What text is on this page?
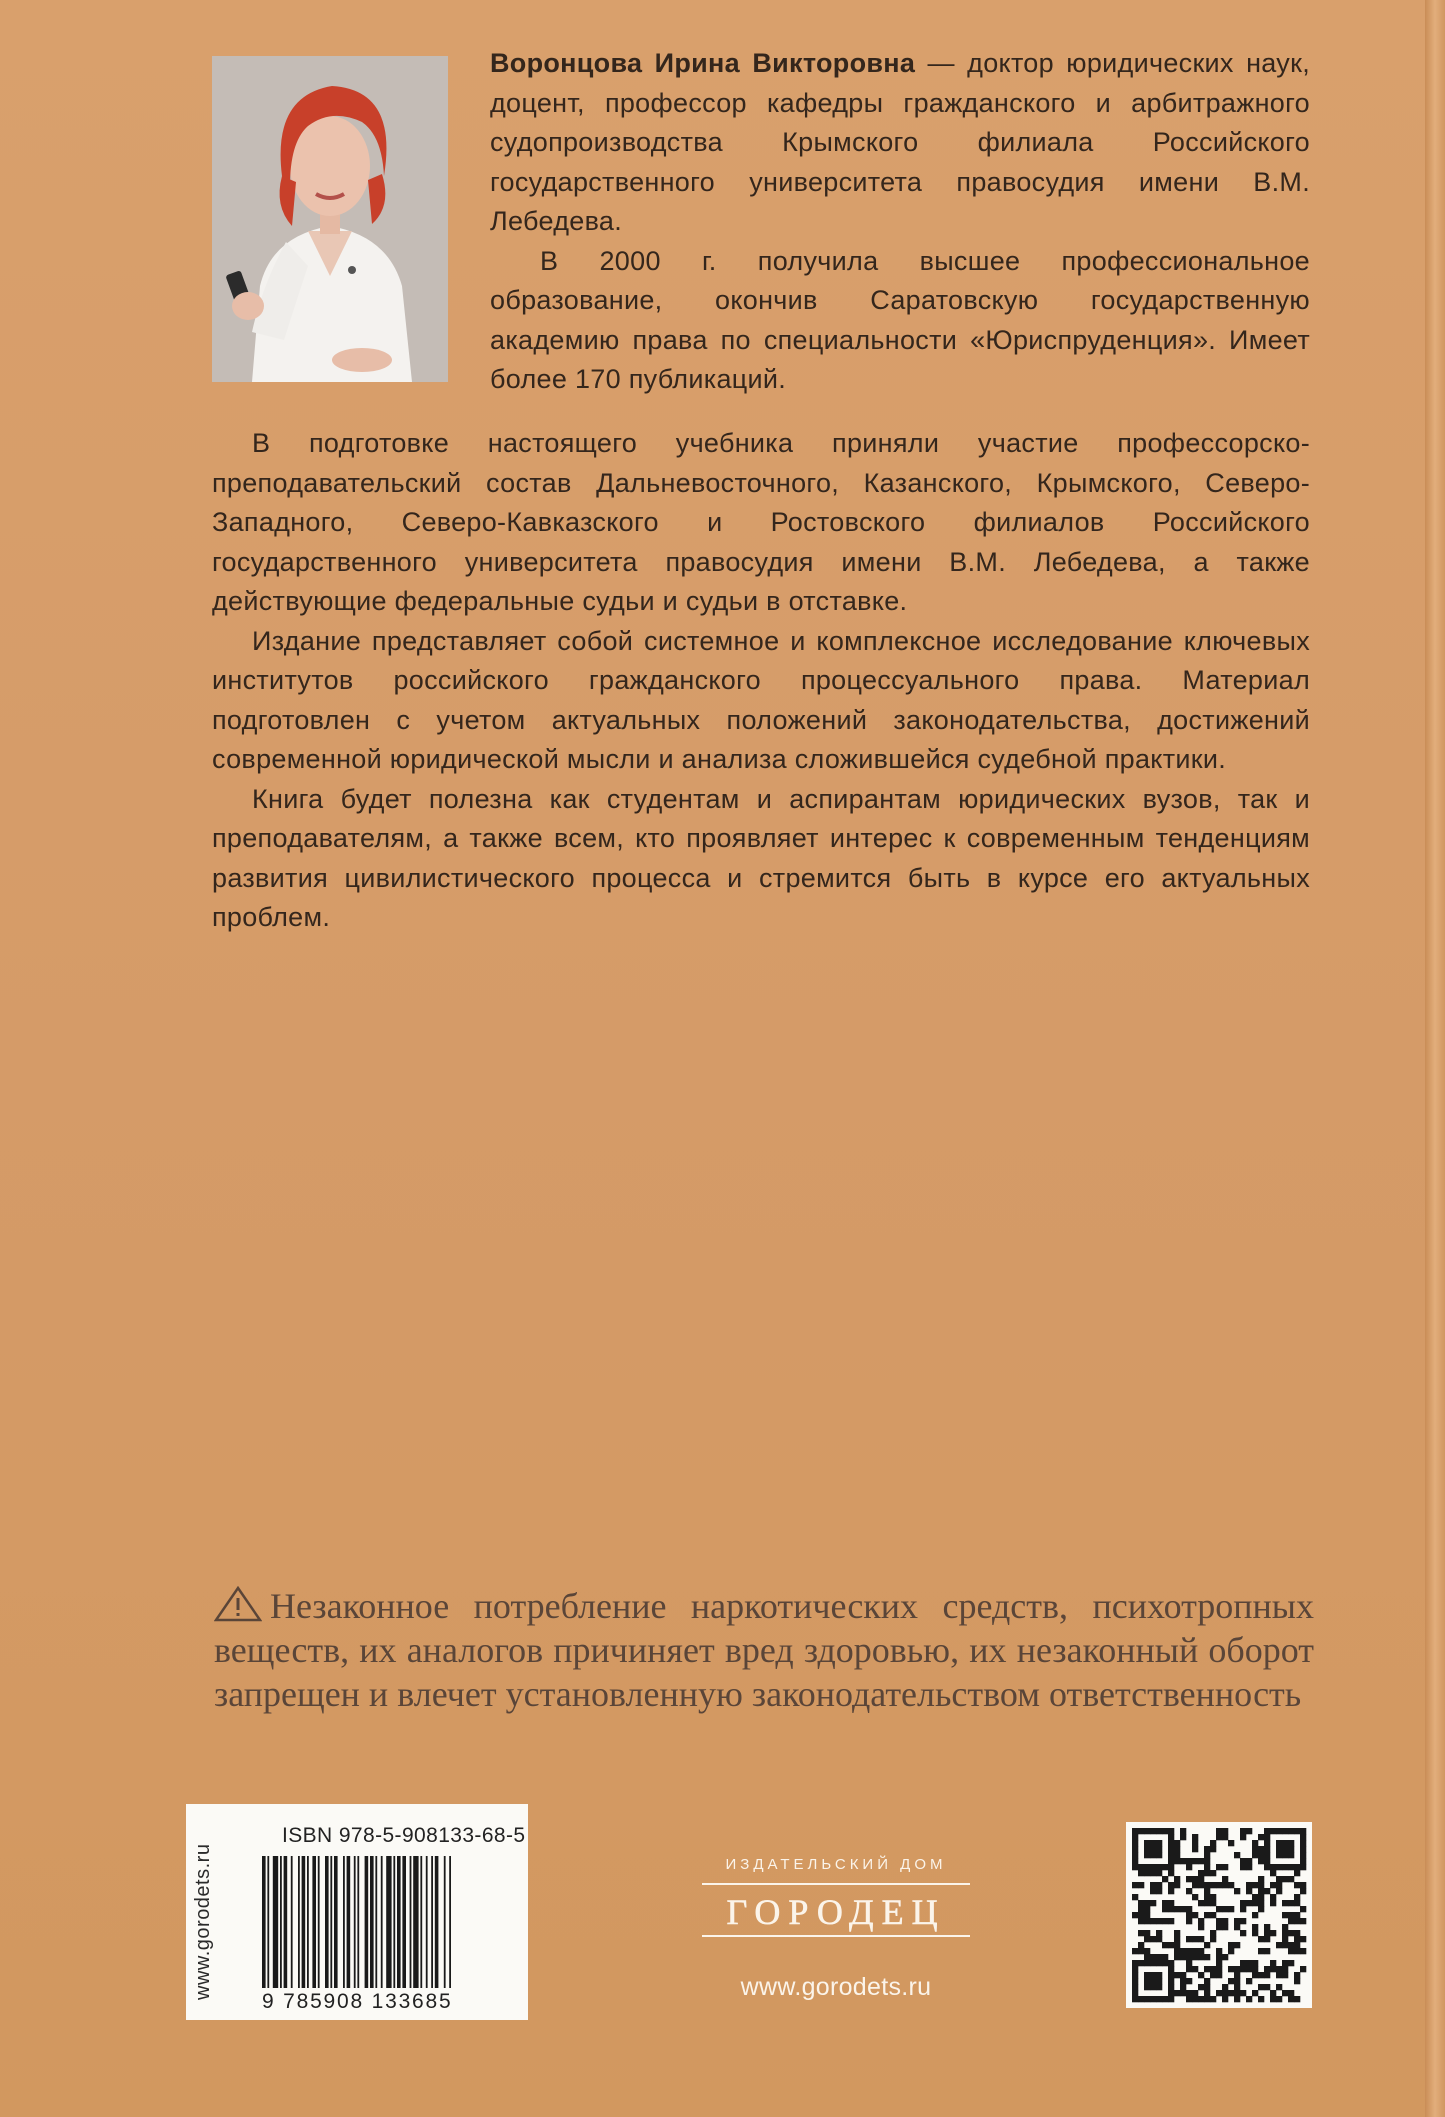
Воронцова Ирина Викторовна — доктор юридических наук, доцент, профессор кафедры гражданского и арбитражного судопроизводства Крымского филиала Российского государственного университета правосудия имени В.М. Лебедева.

В 2000 г. получила высшее профессиональное образование, окончив Саратовскую государственную академию права по специальности «Юриспруденция». Имеет более 170 публикаций.

В подготовке настоящего учебника приняли участие профессорско-преподавательский состав Дальневосточного, Казанского, Крымского, Северо-Западного, Северо-Кавказского и Ростовского филиалов Российского государственного университета правосудия имени В.М. Лебедева, а также действующие федеральные судьи и судьи в отставке.

Издание представляет собой системное и комплексное исследование ключевых институтов российского гражданского процессуального права. Материал подготовлен с учетом актуальных положений законодательства, достижений современной юридической мысли и анализа сложившейся судебной практики.

Книга будет полезна как студентам и аспирантам юридических вузов, так и преподавателям, а также всем, кто проявляет интерес к современным тенденциям развития цивилистического процесса и стремится быть в курсе его актуальных проблем.

Незаконное потребление наркотических средств, психотропных веществ, их аналогов причиняет вред здоровью, их незаконный оборот запрещен и влечет установленную законодательством ответственность
www.gorodets.ru
ISBN 978-5-908133-68-5
9 785908 133685
ИЗДАТЕЛЬСКИЙ ДОМ
ГОРОДЕЦ
www.gorodets.ru
